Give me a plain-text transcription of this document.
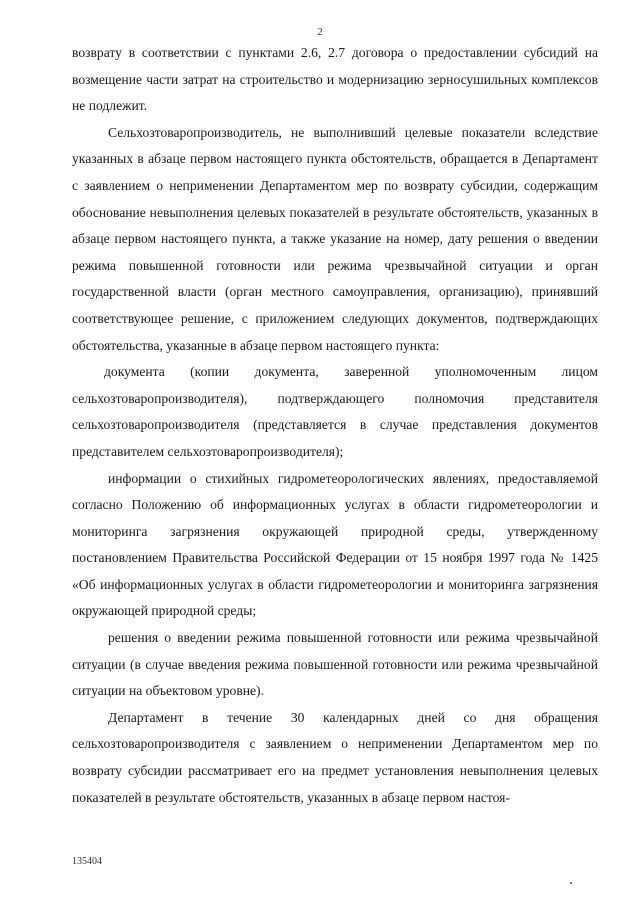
2

возврату в соответствии с пунктами 2.6, 2.7 договора о предоставлении субсидий на возмещение части затрат на строительство и модернизацию зерносушильных комплексов не подлежит.

Сельхозтоваропроизводитель, не выполнивший целевые показатели вследствие указанных в абзаце первом настоящего пункта обстоятельств, обращается в Департамент с заявлением о неприменении Департаментом мер по возврату субсидии, содержащим обоснование невыполнения целевых показателей в результате обстоятельств, указанных в абзаце первом настоящего пункта, а также указание на номер, дату решения о введении режима повышенной готовности или режима чрезвычайной ситуации и орган государственной власти (орган местного самоуправления, организацию), принявший соответствующее решение, с приложением следующих документов, подтверждающих обстоятельства, указанные в абзаце первом настоящего пункта:

документа (копии документа, заверенной уполномоченным лицом сельхозтоваропроизводителя), подтверждающего полномочия представителя сельхозтоваропроизводителя (представляется в случае представления документов представителем сельхозтоваропроизводителя);

информации о стихийных гидрометеорологических явлениях, предоставляемой согласно Положению об информационных услугах в области гидрометеорологии и мониторинга загрязнения окружающей природной среды, утвержденному постановлением Правительства Российской Федерации от 15 ноября 1997 года № 1425 «Об информационных услугах в области гидрометеорологии и мониторинга загрязнения окружающей природной среды;

решения о введении режима повышенной готовности или режима чрезвычайной ситуации (в случае введения режима повышенной готовности или режима чрезвычайной ситуации на объектовом уровне).

Департамент в течение 30 календарных дней со дня обращения сельхозтоваропроизводителя с заявлением о неприменении Департаментом мер по возврату субсидии рассматривает его на предмет установления невыполнения целевых показателей в результате обстоятельств, указанных в абзаце первом настоя-

135404
